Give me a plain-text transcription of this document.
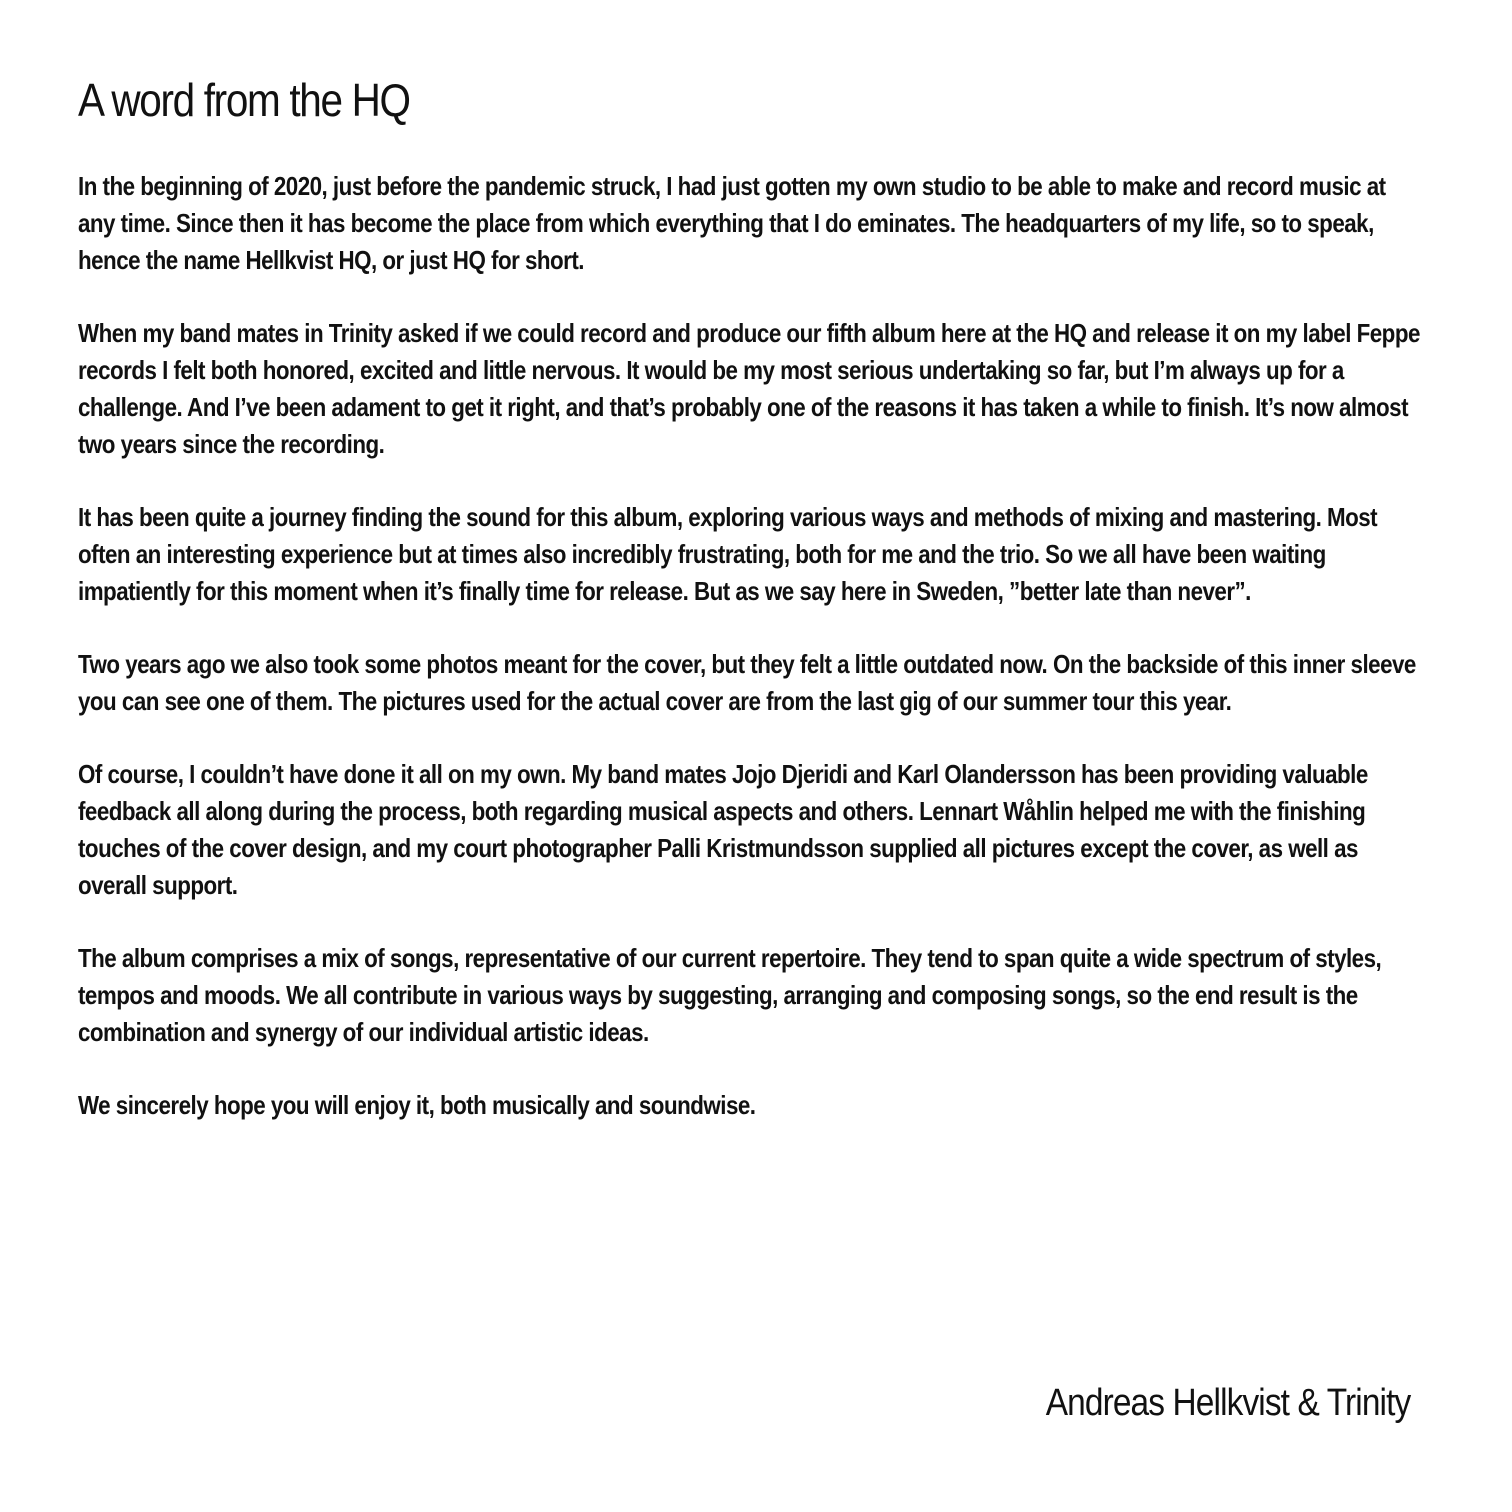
A word from the HQ

In the beginning of 2020, just before the pandemic struck, I had just gotten my own studio to be able to make and record music at any time. Since then it has become the place from which everything that I do eminates. The headquarters of my life, so to speak, hence the name Hellkvist HQ, or just HQ for short.

When my band mates in Trinity asked if we could record and produce our fifth album here at the HQ and release it on my label Feppe records I felt both honored, excited and little nervous. It would be my most serious undertaking so far, but I’m always up for a challenge. And I’ve been adament to get it right, and that’s probably one of the reasons it has taken a while to finish. It’s now almost two years since the recording.

It has been quite a journey finding the sound for this album, exploring various ways and methods of mixing and mastering. Most often an interesting experience but at times also incredibly frustrating, both for me and the trio. So we all have been waiting impatiently for this moment when it’s finally time for release. But as we say here in Sweden, ”better late than never”.

Two years ago we also took some photos meant for the cover, but they felt a little outdated now. On the backside of this inner sleeve you can see one of them. The pictures used for the actual cover are from the last gig of our summer tour this year.

Of course, I couldn’t have done it all on my own. My band mates Jojo Djeridi and Karl Olandersson has been providing valuable feedback all along during the process, both regarding musical aspects and others. Lennart Wåhlin helped me with the finishing touches of the cover design, and my court photographer Palli Kristmundsson supplied all pictures except the cover, as well as overall support.

The album comprises a mix of songs, representative of our current repertoire. They tend to span quite a wide spectrum of styles, tempos and moods. We all contribute in various ways by suggesting, arranging and composing songs, so the end result is the combination and synergy of our individual artistic ideas.

We sincerely hope you will enjoy it, both musically and soundwise.

Andreas Hellkvist & Trinity
